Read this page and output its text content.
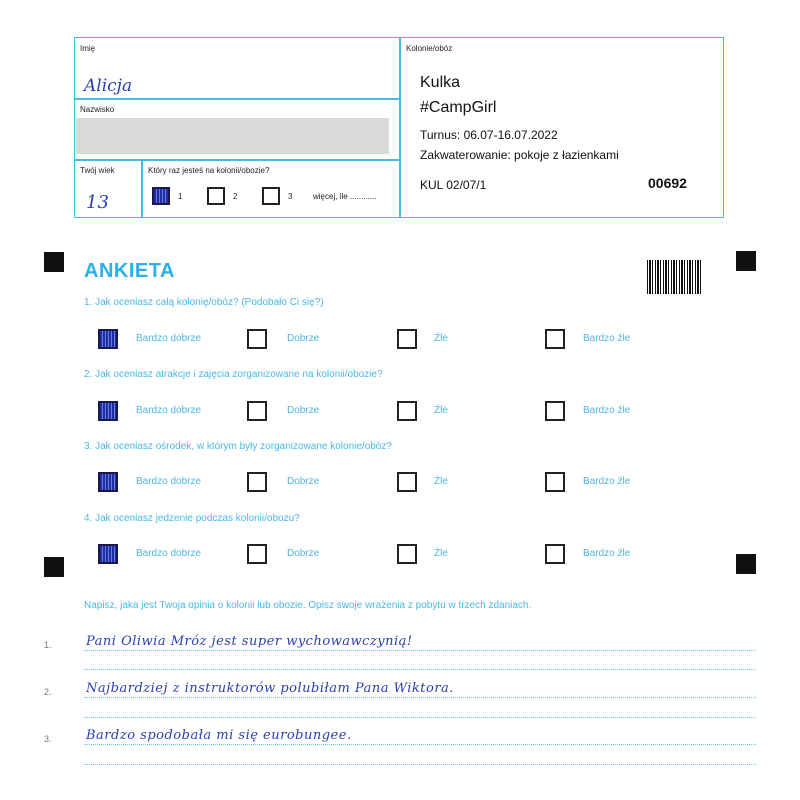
Imię
Alicja
Nazwisko
Twój wiek
13
Który raz jesteś na kolonii/obozie?
1	2	3	więcej, ile ............
Kolonie/obóz
Kulka
#CampGirl
Turnus: 06.07-16.07.2022
Zakwaterowanie: pokoje z łazienkami
KUL 02/07/1	00692
ANKIETA
1. Jak oceniasz całą kolonię/obóz? (Podobało Ci się?)
Bardzo dobrze	Dobrze	Źle	Bardzo źle
2. Jak oceniasz atrakcje i zajęcia zorganizowane na kolonii/obozie?
Bardzo dobrze	Dobrze	Źle	Bardzo źle
3. Jak oceniasz ośrodek, w którym były zorganizowane kolonie/obóz?
Bardzo dobrze	Dobrze	Źle	Bardzo źle
4. Jak oceniasz jedzenie podczas kolonii/obozu?
Bardzo dobrze	Dobrze	Źle	Bardzo źle
Napisz, jaka jest Twoja opinia o kolonii lub obozie. Opisz swoje wrażenia z pobytu w trzech zdaniach.
1.	Pani Oliwia Mróz jest super wychowawczynią!
2.	Najbardziej z instruktorów polubiłam Pana Wiktora.
3.	Bardzo spodobała mi się eurobungee.
